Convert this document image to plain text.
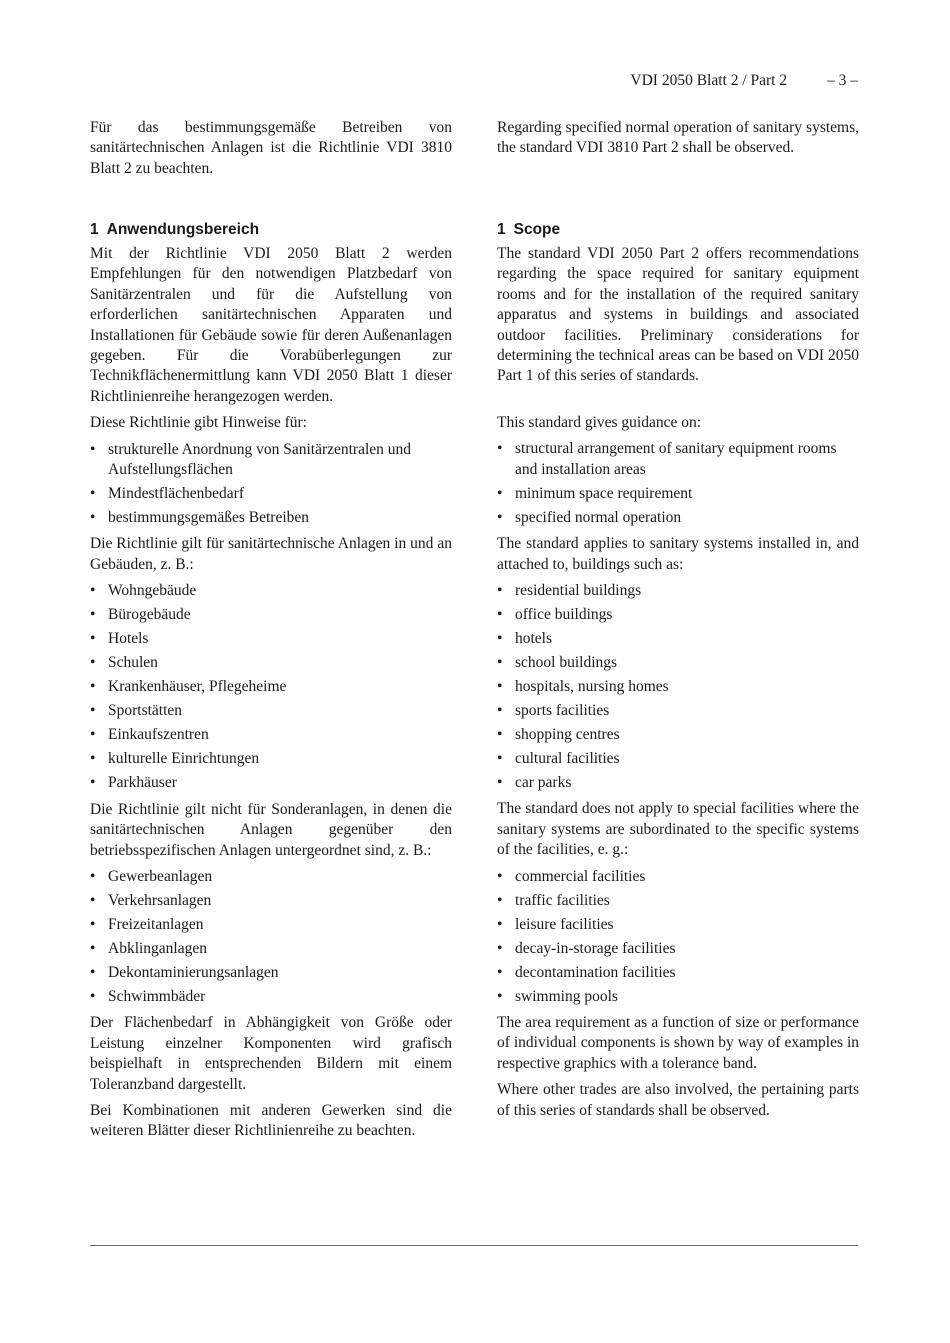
VDI 2050 Blatt 2 / Part 2	– 3 –

Für das bestimmungsgemäße Betreiben von sanitärtechnischen Anlagen ist die Richtlinie VDI 3810 Blatt 2 zu beachten.

1 Anwendungsbereich

Mit der Richtlinie VDI 2050 Blatt 2 werden Empfehlungen für den notwendigen Platzbedarf von Sanitärzentralen und für die Aufstellung von erforderlichen sanitärtechnischen Apparaten und Installationen für Gebäude sowie für deren Außenanlagen gegeben. Für die Vorabüberlegungen zur Technikflächenermittlung kann VDI 2050 Blatt 1 dieser Richtlinienreihe herangezogen werden.

Diese Richtlinie gibt Hinweise für:

• strukturelle Anordnung von Sanitärzentralen und Aufstellungsflächen
• Mindestflächenbedarf
• bestimmungsgemäßes Betreiben

Die Richtlinie gilt für sanitärtechnische Anlagen in und an Gebäuden, z. B.:

• Wohngebäude
• Bürogebäude
• Hotels
• Schulen
• Krankenhäuser, Pflegeheime
• Sportstätten
• Einkaufszentren
• kulturelle Einrichtungen
• Parkhäuser

Die Richtlinie gilt nicht für Sonderanlagen, in denen die sanitärtechnischen Anlagen gegenüber den betriebsspezifischen Anlagen untergeordnet sind, z. B.:

• Gewerbeanlagen
• Verkehrsanlagen
• Freizeitanlagen
• Abklinganlagen
• Dekontaminierungsanlagen
• Schwimmbäder

Der Flächenbedarf in Abhängigkeit von Größe oder Leistung einzelner Komponenten wird grafisch beispielhaft in entsprechenden Bildern mit einem Toleranzband dargestellt.

Bei Kombinationen mit anderen Gewerken sind die weiteren Blätter dieser Richtlinienreihe zu beachten.

Regarding specified normal operation of sanitary systems, the standard VDI 3810 Part 2 shall be observed.

1 Scope

The standard VDI 2050 Part 2 offers recommendations regarding the space required for sanitary equipment rooms and for the installation of the required sanitary apparatus and systems in buildings and associated outdoor facilities. Preliminary considerations for determining the technical areas can be based on VDI 2050 Part 1 of this series of standards.

This standard gives guidance on:

• structural arrangement of sanitary equipment rooms and installation areas
• minimum space requirement
• specified normal operation

The standard applies to sanitary systems installed in, and attached to, buildings such as:

• residential buildings
• office buildings
• hotels
• school buildings
• hospitals, nursing homes
• sports facilities
• shopping centres
• cultural facilities
• car parks

The standard does not apply to special facilities where the sanitary systems are subordinated to the specific systems of the facilities, e. g.:

• commercial facilities
• traffic facilities
• leisure facilities
• decay-in-storage facilities
• decontamination facilities
• swimming pools

The area requirement as a function of size or performance of individual components is shown by way of examples in respective graphics with a tolerance band.

Where other trades are also involved, the pertaining parts of this series of standards shall be observed.
